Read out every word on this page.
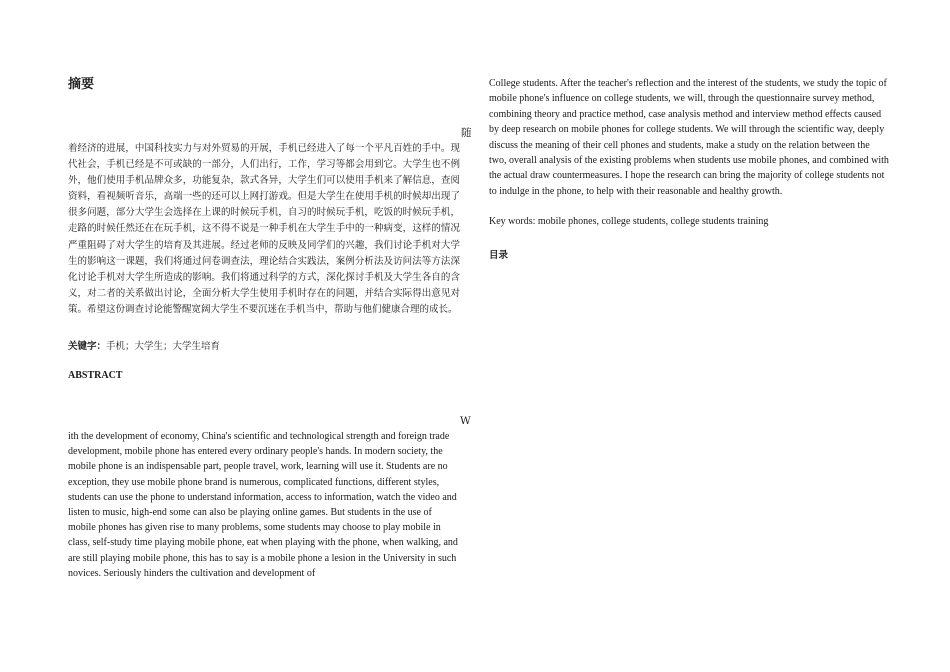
摘要
随

着经济的进展，中国科技实力与对外贸易的开展，手机已经进入了每一个平凡百姓的手中。现代社会，手机已经是不可或缺的一部分，人们出行，工作，学习等都会用到它。大学生也不例外，他们使用手机品牌众多，功能复杂，款式各异，大学生们可以使用手机来了解信息，查阅资料，看视频听音乐，高端一些的还可以上网打游戏。但是大学生在使用手机的时候却出现了很多问题，部分大学生会选择在上课的时候玩手机，自习的时候玩手机，吃饭的时候玩手机，走路的时候任然还在在玩手机，这不得不说是一种手机在大学生手中的一种病变，这样的情况严重阻碍了对大学生的培育及其进展。经过老师的反映及同学们的兴趣，我们讨论手机对大学生的影响这一课题，我们将通过问卷调查法，理论结合实践法，案例分析法及访问法等方法深化讨论手机对大学生所造成的影响。我们将通过科学的方式，深化探讨手机及大学生各自的含义，对二者的关系做出讨论，全面分析大学生使用手机时存在的问题，并结合实际得出意见对策。希望这份调查讨论能警醒宽阔大学生不要沉迷在手机当中，帮助与他们健康合理的成长。

关键字：手机；大学生；大学生培育

ABSTRACT
W

ith the development of economy, China's scientific and technological strength and foreign trade development, mobile phone has entered every ordinary people's hands. In modern society, the mobile phone is an indispensable part, people travel, work, learning will use it. Students are no exception, they use mobile phone brand is numerous, complicated functions, different styles, students can use the phone to understand information, access to information, watch the video and listen to music, high-end some can also be playing online games. But students in the use of mobile phones has given rise to many problems, some students may choose to play mobile in class, self-study time playing mobile phone, eat when playing with the phone, when walking, and are still playing mobile phone, this has to say is a mobile phone a lesion in the University in such novices. Seriously hinders the cultivation and development of

College students. After the teacher's reflection and the interest of the students, we study the topic of mobile phone's influence on college students, we will, through the questionnaire survey method, combining theory and practice method, case analysis method and interview method effects caused by deep research on mobile phones for college students. We will through the scientific way, deeply discuss the meaning of their cell phones and students, make a study on the relation between the two, overall analysis of the existing problems when students use mobile phones, and combined with the actual draw countermeasures. I hope the research can bring the majority of college students not to indulge in the phone, to help with their reasonable and healthy growth.

Key words: mobile phones, college students, college students training

目录
